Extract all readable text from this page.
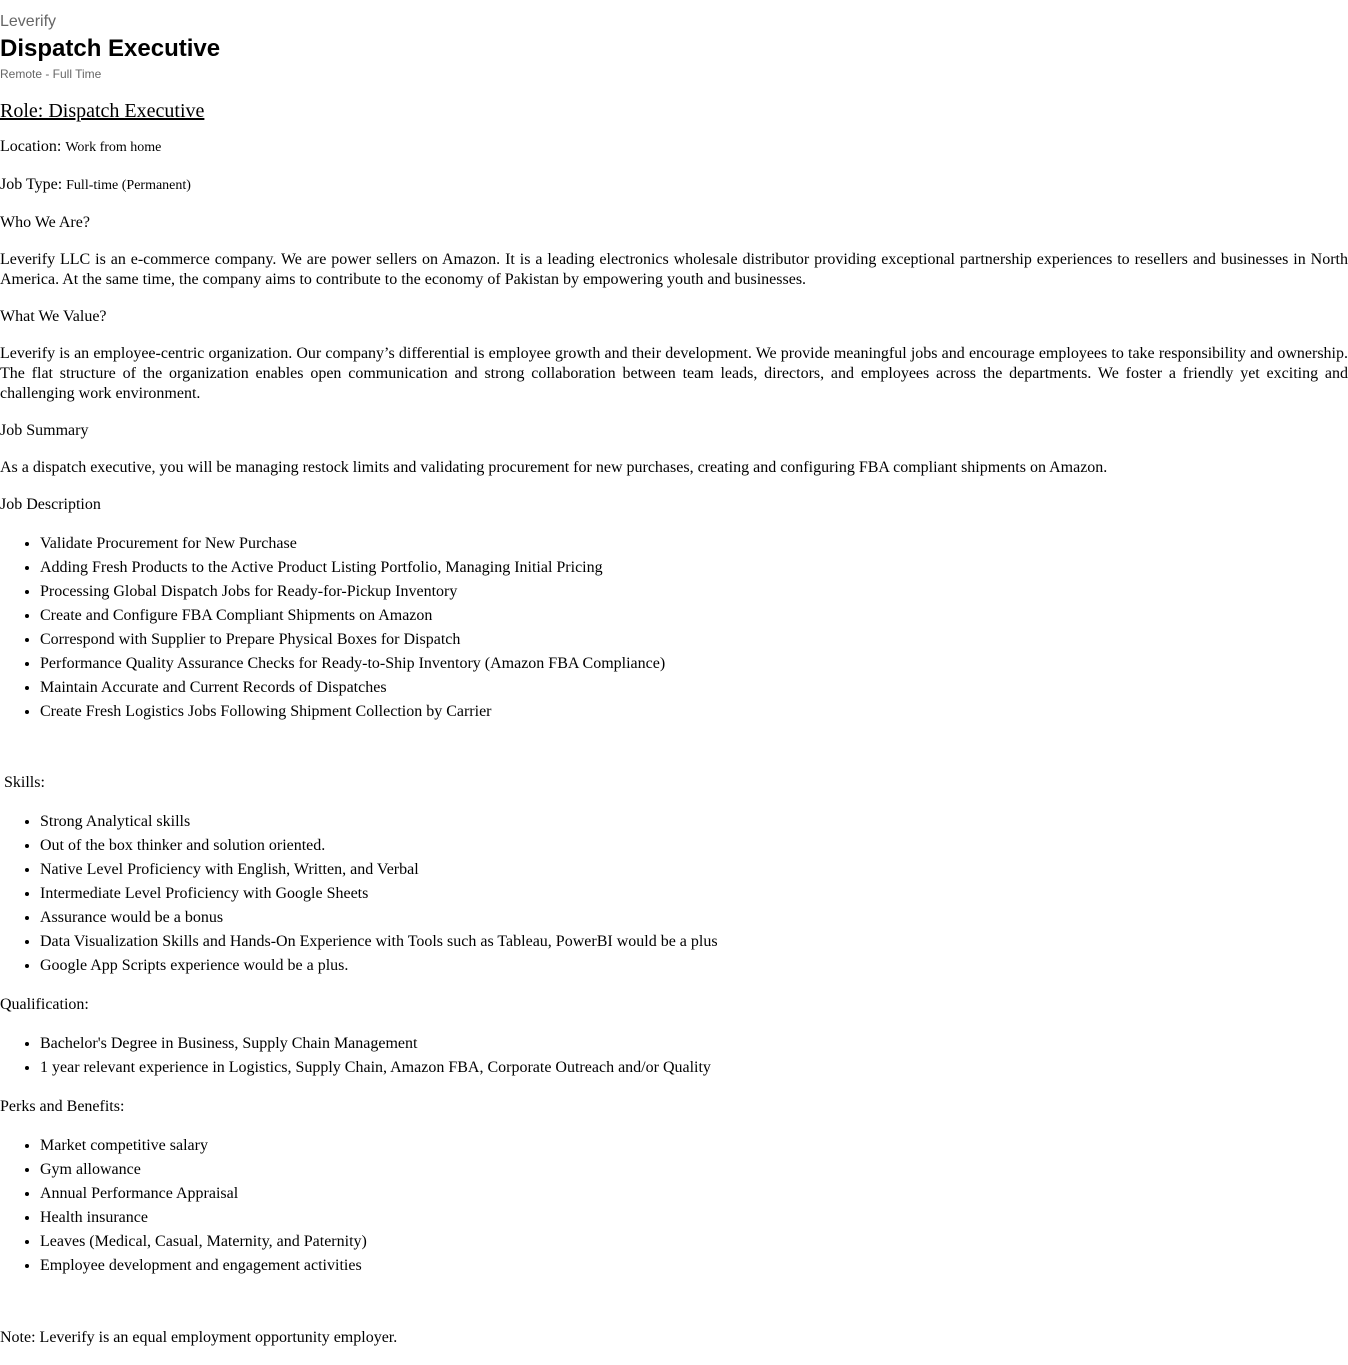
Leverify
Dispatch Executive
Remote - Full Time
Role: Dispatch Executive

Location: Work from home

Job Type: Full-time (Permanent)

Who We Are?

Leverify LLC is an e-commerce company. We are power sellers on Amazon. It is a leading electronics wholesale distributor providing exceptional partnership experiences to resellers and businesses in North America. At the same time, the company aims to contribute to the economy of Pakistan by empowering youth and businesses.

What We Value?

Leverify is an employee-centric organization. Our company’s differential is employee growth and their development. We provide meaningful jobs and encourage employees to take responsibility and ownership. The flat structure of the organization enables open communication and strong collaboration between team leads, directors, and employees across the departments. We foster a friendly yet exciting and challenging work environment.

Job Summary

As a dispatch executive, you will be managing restock limits and validating procurement for new purchases, creating and configuring FBA compliant shipments on Amazon.

Job Description

• Validate Procurement for New Purchase
• Adding Fresh Products to the Active Product Listing Portfolio, Managing Initial Pricing
• Processing Global Dispatch Jobs for Ready-for-Pickup Inventory
• Create and Configure FBA Compliant Shipments on Amazon
• Correspond with Supplier to Prepare Physical Boxes for Dispatch
• Performance Quality Assurance Checks for Ready-to-Ship Inventory (Amazon FBA Compliance)
• Maintain Accurate and Current Records of Dispatches
• Create Fresh Logistics Jobs Following Shipment Collection by Carrier

Skills:

• Strong Analytical skills
• Out of the box thinker and solution oriented.
• Native Level Proficiency with English, Written, and Verbal
• Intermediate Level Proficiency with Google Sheets
• Assurance would be a bonus
• Data Visualization Skills and Hands-On Experience with Tools such as Tableau, PowerBI would be a plus
• Google App Scripts experience would be a plus.

Qualification:

• Bachelor's Degree in Business, Supply Chain Management
• 1 year relevant experience in Logistics, Supply Chain, Amazon FBA, Corporate Outreach and/or Quality

Perks and Benefits:

• Market competitive salary
• Gym allowance
• Annual Performance Appraisal
• Health insurance
• Leaves (Medical, Casual, Maternity, and Paternity)
• Employee development and engagement activities

Note: Leverify is an equal employment opportunity employer.
